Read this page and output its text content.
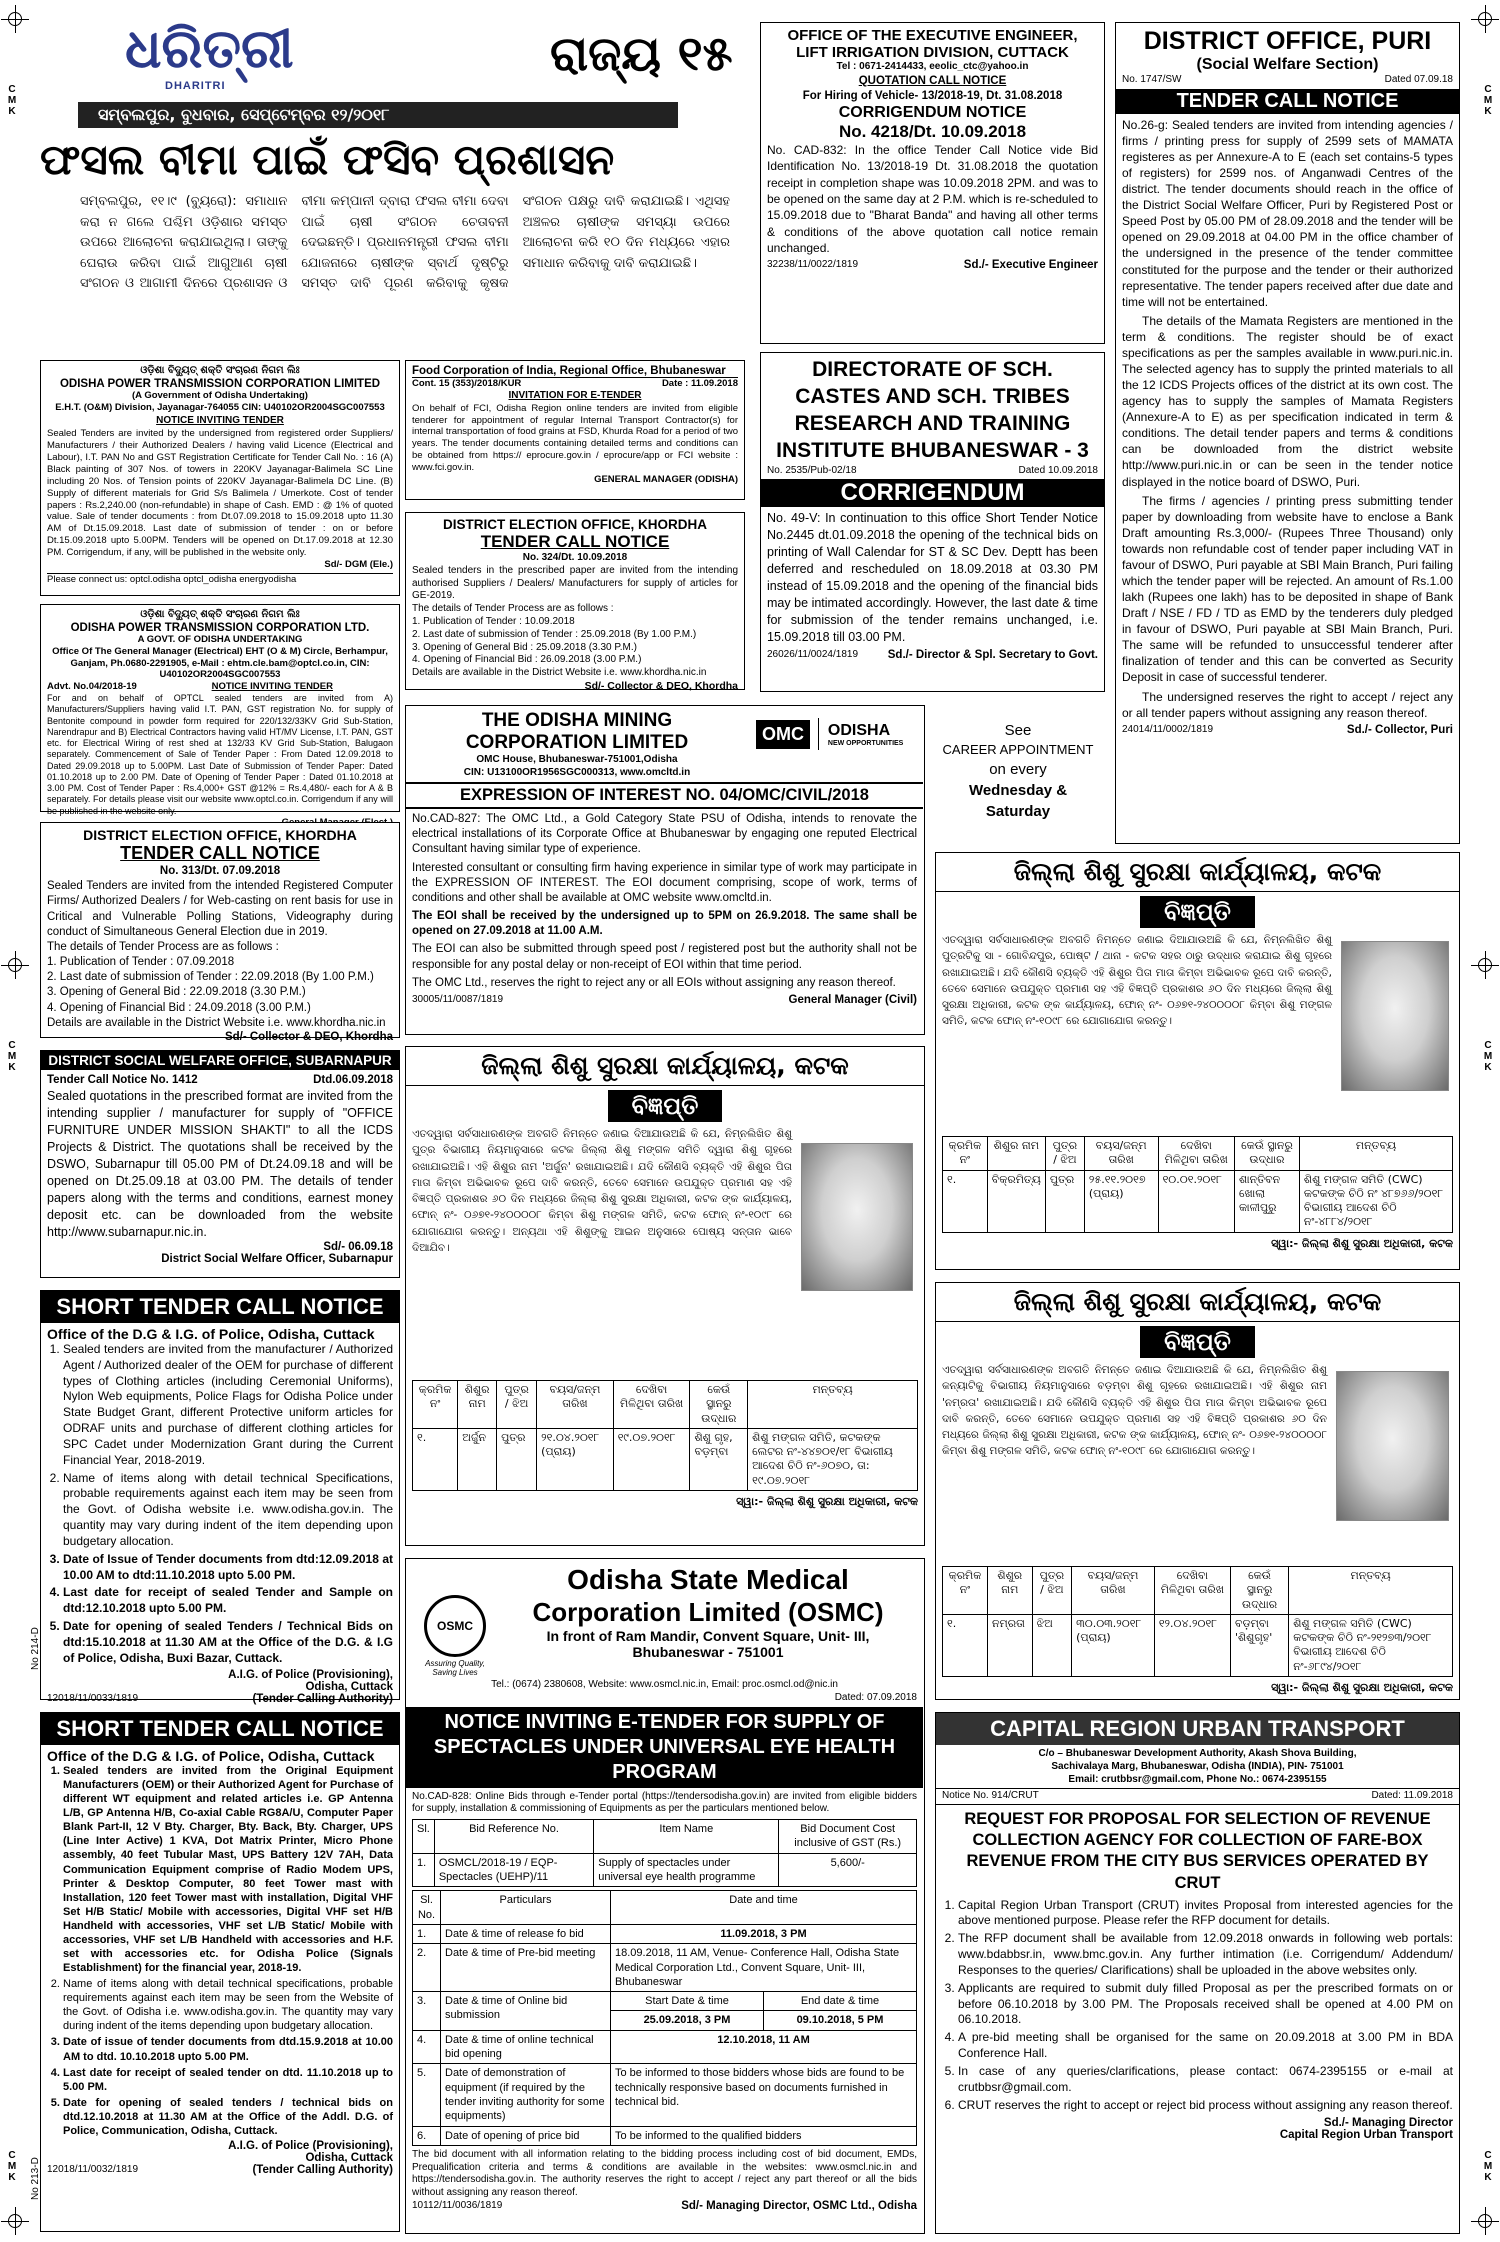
C M K
C M K
C M K
C M K
C M K
C M K
ଧରିତ୍ରୀ
DHARITRI
ରାଜ୍ୟ ୧୫
ସମ୍ବଲପୁର, ବୁଧବାର, ସେପ୍ଟେମ୍ବର ୧୨/୨୦୧୮
ଫସଲ ବୀମା ପାଇଁ ଫସିବ ପ୍ରଶାସନ
ସମ୍ବଲପୁର, ୧୧।୯ (ବ୍ୟୁରୋ): ସମାଧାନ କରା ନ ଗଲେ ପଶ୍ଚିମ ଓଡ଼ିଶାର ସମସ୍ତ ଉପରେ ଆଲୋଚନା କରାଯାଇଥିଲା। ତାଙ୍କୁ ଘେରାଉ କରିବା ପାଇଁ ଆଗୁଆଣ ଚାଷୀ ସଂଗଠନ ଓ ଆଗାମୀ ଦିନରେ ପ୍ରଶାସନ ଓ ବୀମା କମ୍ପାନୀ ଦ୍ବାରା ଫସଲ ବୀମା ଦେବା ପାଇଁ ଚାଷୀ ସଂଗଠନ ଚେତାବନୀ ଦେଇଛନ୍ତି। ପ୍ରଧାନମନ୍ତ୍ରୀ ଫସଲ ବୀମା ଯୋଜନାରେ ଚାଷୀଙ୍କ ସ୍ବାର୍ଥ ଦୃଷ୍ଟିରୁ ସମସ୍ତ ଦାବି ପୂରଣ କରିବାକୁ କୃଷକ ସଂଗଠନ ପକ୍ଷରୁ ଦାବି କରାଯାଇଛି। ଏଥିସହ ଅଞ୍ଚଳର ଚାଷୀଙ୍କ ସମସ୍ୟା ଉପରେ ଆଲୋଚନା କରି ୧୦ ଦିନ ମଧ୍ୟରେ ଏହାର ସମାଧାନ କରିବାକୁ ଦାବି କରାଯାଇଛି।
ଓଡ଼ିଶା ବିଦ୍ୟୁତ୍ ଶକ୍ତି ସଂଚାରଣ ନିଗମ ଲିଃ
ODISHA POWER TRANSMISSION CORPORATION LIMITED
(A Government of Odisha Undertaking)
E.H.T. (O&M) Division, Jayanagar-764055 CIN: U40102OR2004SGC007553
NOTICE INVITING TENDER
Sealed Tenders are invited by the undersigned from registered order Suppliers/ Manufacturers / their Authorized Dealers / having valid Licence (Electrical and Labour), I.T. PAN No and GST Registration Certificate for Tender Call No. : 16 (A) Black painting of 307 Nos. of towers in 220KV Jayanagar-Balimela SC Line including 20 Nos. of Tension points of 220KV Jayanagar-Balimela DC Line. (B) Supply of different materials for Grid S/s Balimela / Umerkote. Cost of tender papers : Rs.2,240.00 (non-refundable) in shape of Cash. EMD : @ 1% of quoted value. Sale of tender documents : from Dt.07.09.2018 to 15.09.2018 upto 11.30 AM of Dt.15.09.2018. Last date of submission of tender : on or before Dt.15.09.2018 upto 5.00PM. Tenders will be opened on Dt.17.09.2018 at 12.30 PM. Corrigendum, if any, will be published in the website only.
Sd/- DGM (Ele.)
Please connect us: optcl.odisha optcl_odisha energyodisha
ଓଡ଼ିଶା ବିଦ୍ୟୁତ୍ ଶକ୍ତି ସଂଚାରଣ ନିଗମ ଲିଃ
ODISHA POWER TRANSMISSION CORPORATION LTD.
A GOVT. OF ODISHA UNDERTAKING
Office Of The General Manager (Electrical) EHT (O & M) Circle, Berhampur, Ganjam, Ph.0680-2291905, e-Mail : ehtm.cle.bam@optcl.co.in, CIN: U40102OR2004SGC007553
Advt. No.04/2018-19	NOTICE INVITING TENDER
For and on behalf of OPTCL sealed tenders are invited from A) Manufacturers/Suppliers having valid I.T. PAN, GST registration No. for supply of Bentonite compound in powder form required for 220/132/33KV Grid Sub-Station, Narendrapur and B) Electrical Contractors having valid HT/MV License, I.T. PAN, GST etc. for Electrical Wiring of rest shed at 132/33 KV Grid Sub-Station, Balugaon separately. Commencement of Sale of Tender Paper : From Dated 12.09.2018 to Dated 29.09.2018 up to 5.00PM. Last Date of Submission of Tender Paper: Dated 01.10.2018 up to 2.00 PM. Date of Opening of Tender Paper : Dated 01.10.2018 at 3.00 PM. Cost of Tender Paper : Rs.4,000+ GST @12% = Rs.4,480/- each for A & B separately. For details please visit our website www.optcl.co.in. Corrigendum if any will be published in the website only.
DISTRICT ELECTION OFFICE, KHORDHA
TENDER CALL NOTICE
No. 313/Dt. 07.09.2018
Sealed Tenders are invited from the intended Registered Computer Firms/ Authorized Dealers / for Web-casting on rent basis for use in Critical and Vulnerable Polling Stations, Videography during conduct of Simultaneous General Election due in 2019.
The details of Tender Process are as follows :
1. Publication of Tender : 07.09.2018
2. Last date of submission of Tender : 22.09.2018 (By 1.00 P.M.)
3. Opening of General Bid : 22.09.2018 (3.30 P.M.)
4. Opening of Financial Bid : 24.09.2018 (3.00 P.M.)
Details are available in the District Website i.e. www.khordha.nic.in
Sd/- Collector & DEO, Khordha
DISTRICT SOCIAL WELFARE OFFICE, SUBARNAPUR
Tender Call Notice No. 1412	Dtd.06.09.2018
Sealed quotations in the prescribed format are invited from the intending supplier / manufacturer for supply of "OFFICE FURNITURE UNDER MISSION SHAKTI" to all the ICDS Projects & District. The quotations shall be received by the DSWO, Subarnapur till 05.00 PM of Dt.24.09.18 and will be opened on Dt.25.09.18 at 03.00 PM. The details of tender papers along with the terms and conditions, earnest money deposit etc. can be downloaded from the website http://www.subarnapur.nic.in.
Sd/- 06.09.18
District Social Welfare Officer, Subarnapur
SHORT TENDER CALL NOTICE
Office of the D.G & I.G. of Police, Odisha, Cuttack
1. Sealed tenders are invited from the manufacturer / Authorized Agent / Authorized dealer of the OEM for purchase of different types of Clothing articles (including Ceremonial Uniforms), Nylon Web equipments, Police Flags for Odisha Police under State Budget Grant, different Protective uniform articles for ODRAF units and purchase of different clothing articles for SPC Cadet under Modernization Grant during the Current Financial Year, 2018-2019.
2. Name of items along with detail technical Specifications, probable requirements against each item may be seen from the Govt. of Odisha website i.e. www.odisha.gov.in. The quantity may vary during indent of the item depending upon budgetary allocation.
3. Date of Issue of Tender documents from dtd:12.09.2018 at 10.00 AM to dtd:11.10.2018 upto 5.00 PM.
4. Last date for receipt of sealed Tender and Sample on dtd:12.10.2018 upto 5.00 PM.
5. Date for opening of sealed Tenders / Technical Bids on dtd:15.10.2018 at 11.30 AM at the Office of the D.G. & I.G of Police, Odisha, Buxi Bazar, Cuttack.
A.I.G. of Police (Provisioning),
Odisha, Cuttack
12018/11/0033/1819	(Tender Calling Authority)
No 214-D
SHORT TENDER CALL NOTICE
Office of the D.G & I.G. of Police, Odisha, Cuttack
1. Sealed tenders are invited from the Original Equipment Manufacturers (OEM) or their Authorized Agent for Purchase of different WT equipment and related articles i.e. GP Antenna L/B, GP Antenna H/B, Co-axial Cable RG8A/U, Computer Paper Blank Part-II, 12 V Bty. Charger, Bty. Back, Bty. Charger, UPS (Line Inter Active) 1 KVA, Dot Matrix Printer, Micro Phone assembly, 40 feet Tubular Mast, UPS Battery 12V 7AH, Data Communication Equipment comprise of Radio Modem UPS, Printer & Desktop Computer, 80 feet Tower mast with Installation, 120 feet Tower mast with installation, Digital VHF Set H/B Static/ Mobile with accessories, Digital VHF set H/B Handheld with accessories, VHF set L/B Static/ Mobile with accessories, VHF set L/B Handheld with accessories and H.F. set with accessories etc. for Odisha Police (Signals Establishment) for the financial year, 2018-19.
2. Name of items along with detail technical specifications, probable requirements against each item may be seen from the Website of the Govt. of Odisha i.e. www.odisha.gov.in. The quantity may vary during indent of the items depending upon budgetary allocation.
3. Date of issue of tender documents from dtd.15.9.2018 at 10.00 AM to dtd. 10.10.2018 upto 5.00 PM.
4. Last date for receipt of sealed tender on dtd. 11.10.2018 up to 5.00 PM.
5. Date for opening of sealed tenders / technical bids on dtd.12.10.2018 at 11.30 AM at the Office of the Addl. D.G. of Police, Communication, Odisha, Cuttack.
A.I.G. of Police (Provisioning),
Odisha, Cuttack
12018/11/0032/1819	(Tender Calling Authority)
No 213-D
Food Corporation of India, Regional Office, Bhubaneswar
Cont. 15 (353)/2018/KUR	Date : 11.09.2018
INVITATION FOR E-TENDER
On behalf of FCI, Odisha Region online tenders are invited from eligible tenderer for appointment of regular Internal Transport Contractor(s) for internal transportation of food grains at FSD, Khurda Road for a period of two years. The tender documents containing detailed terms and conditions can be obtained from https:// eprocure.gov.in / eprocure/app or FCI website : www.fci.gov.in.
GENERAL MANAGER (ODISHA)
DISTRICT ELECTION OFFICE, KHORDHA
TENDER CALL NOTICE
No. 324/Dt. 10.09.2018
Sealed tenders in the prescribed paper are invited from the intending authorised Suppliers / Dealers/ Manufacturers for supply of articles for GE-2019.
The details of Tender Process are as follows :
1. Publication of Tender : 10.09.2018
2. Last date of submission of Tender : 25.09.2018 (By 1.00 P.M.)
3. Opening of General Bid : 25.09.2018 (3.30 P.M.)
4. Opening of Financial Bid : 26.09.2018 (3.00 P.M.)
Details are available in the District Website i.e. www.khordha.nic.in
Sd/- Collector & DEO, Khordha
OFFICE OF THE EXECUTIVE ENGINEER,
LIFT IRRIGATION DIVISION, CUTTACK
Tel : 0671-2414433, eeolic_ctc@yahoo.in
QUOTATION CALL NOTICE
For Hiring of Vehicle- 13/2018-19, Dt. 31.08.2018
CORRIGENDUM NOTICE
No. 4218/Dt. 10.09.2018
No. CAD-832: In the office Tender Call Notice vide Bid Identification No. 13/2018-19 Dt. 31.08.2018 the quotation receipt in completion shape was 10.09.2018 2PM. and was to be opened on the same day at 2 P.M. which is re-scheduled to 15.09.2018 due to "Bharat Banda" and having all other terms & conditions of the above quotation call notice remain unchanged.
32238/11/0022/1819	Sd./- Executive Engineer
DIRECTORATE OF SCH. CASTES AND SCH. TRIBES RESEARCH AND TRAINING INSTITUTE BHUBANESWAR - 3
No. 2535/Pub-02/18	Dated 10.09.2018
CORRIGENDUM
No. 49-V: In continuation to this office Short Tender Notice No.2445 dt.01.09.2018 the opening of the technical bids on printing of Wall Calendar for ST & SC Dev. Deptt has been deferred and rescheduled on 18.09.2018 at 03.30 PM instead of 15.09.2018 and the opening of the financial bids may be intimated accordingly. However, the last date & time for submission of the tender remains unchanged, i.e. 15.09.2018 till 03.00 PM.
26026/11/0024/1819	Sd./- Director & Spl. Secretary to Govt.
THE ODISHA MINING
CORPORATION LIMITED
OMC House, Bhubaneswar-751001,Odisha
CIN: U13100OR1956SGC000313, www.omcltd.in
OMC ODISHA
NEW OPPORTUNITIES
EXPRESSION OF INTEREST NO. 04/OMC/CIVIL/2018

No.CAD-827: The OMC Ltd., a Gold Category State PSU of Odisha, intends to renovate the electrical installations of its Corporate Office at Bhubaneswar by engaging one reputed Electrical Consultant having similar type of experience.

Interested consultant or consulting firm having experience in similar type of work may participate in the EXPRESSION OF INTEREST. The EOI document comprising, scope of work, terms of conditions and other shall be available at OMC website www.omcltd.in.

The EOI shall be received by the undersigned up to 5PM on 26.9.2018. The same shall be opened on 27.09.2018 at 11.00 A.M.

The EOI can also be submitted through speed post / registered post but the authority shall not be responsible for any postal delay or non-receipt of EOI within that time period.

The OMC Ltd., reserves the right to reject any or all EOIs without assigning any reason thereof.

30005/11/0087/1819	General Manager (Civil)
See
CAREER APPOINTMENT
on every
Wednesday &
Saturday
ଜିଲ୍ଲା ଶିଶୁ ସୁରକ୍ଷା କାର୍ଯ୍ୟାଳୟ, କଟକ
ବିଜ୍ଞପ୍ତି
ଏତଦ୍ୱାରା ସର୍ବସାଧାରଣଙ୍କ ଅବଗତି ନିମନ୍ତେ ଜଣାଇ ଦିଆଯାଉଅଛି କି ଯେ, ନିମ୍ନଲିଖିତ ଶିଶୁ ପୁତ୍ର ବିଭାଗୀୟ ନିୟମାନୁସାରେ କଟକ ଜିଲ୍ଲା ଶିଶୁ ମଙ୍ଗଳ ସମିତି ଦ୍ୱାରା ଶିଶୁ ଗୃହରେ ରଖାଯାଇଅଛି। ଏହି ଶିଶୁର ନାମ 'ଅର୍ଜୁନ' ରଖାଯାଇଅଛି। ଯଦି କୌଣସି ବ୍ୟକ୍ତି ଏହି ଶିଶୁର ପିତା ମାତା କିମ୍ବା ଅଭିଭାବକ ରୂପେ ଦାବି କରନ୍ତି, ତେବେ ସେମାନେ ଉପଯୁକ୍ତ ପ୍ରମାଣ ସହ ଏହି ବିଜ୍ଞପ୍ତି ପ୍ରକାଶର ୬୦ ଦିନ ମଧ୍ୟରେ ଜିଲ୍ଲା ଶିଶୁ ସୁରକ୍ଷା ଅଧିକାରୀ, କଟକ ଙ୍କ କାର୍ଯ୍ୟାଳୟ, ଫୋନ୍ ନଂ- ୦୬୭୧-୨୪୦୦୦୦୮ କିମ୍ବା ଶିଶୁ ମଙ୍ଗଳ ସମିତି, କଟକ ଫୋନ୍ ନଂ-୧୦୯୮ ରେ ଯୋଗାଯୋଗ କରନ୍ତୁ। ଅନ୍ୟଥା ଏହି ଶିଶୁଙ୍କୁ ଆଇନ ଅନୁସାରେ ପୋଷ୍ୟ ସନ୍ତାନ ଭାବେ ଦିଆଯିବ।
କ୍ରମିକ ନଂ	ଶିଶୁର ନାମ	ପୁତ୍ର / ଝିଅ	ବୟସ/ଜନ୍ମ ତାରିଖ	ଦେଖିବା ମିଳିଥିବା ତାରିଖ	କେଉଁ ସ୍ଥାନରୁ ଉଦ୍ଧାର	ମନ୍ତବ୍ୟ
୧.	ଅର୍ଜୁନ	ପୁତ୍ର	୨୧.୦୪.୨୦୧୮ (ପ୍ରାୟ)	୧୯.୦୭.୨୦୧୮	ଶିଶୁ ଗୃହ, ବଡ଼ମ୍ବା	ଶିଶୁ ମଙ୍ଗଳ ସମିତି, କଟକଙ୍କ ଲେଟର ନଂ-୪୪୭୦୧/୧୮ ବିଭାଗୀୟ ଆଦେଶ ଚିଠି ନଂ-୬୦୭୦, ତା: ୧୯.୦୭.୨୦୧୮
ସ୍ୱା:- ଜିଲ୍ଲା ଶିଶୁ ସୁରକ୍ଷା ଅଧିକାରୀ, କଟକ
OSMC
Assuring Quality, Saving Lives
Odisha State Medical
Corporation Limited (OSMC)
In front of Ram Mandir, Convent Square, Unit- III,
Bhubaneswar - 751001
Tel.: (0674) 2380608, Website: www.osmcl.nic.in, Email: proc.osmcl.od@nic.in
Dated: 07.09.2018
NOTICE INVITING E-TENDER FOR SUPPLY OF SPECTACLES UNDER UNIVERSAL EYE HEALTH PROGRAM
No.CAD-828: Online Bids through e-Tender portal (https://tendersodisha.gov.in) are invited from eligible bidders for supply, installation & commissioning of Equipments as per the particulars mentioned below.
Sl.	Bid Reference No.	Item Name	Bid Document Cost inclusive of GST (Rs.)
1.	OSMCL/2018-19 / EQP-Spectacles (UEHP)/11	Supply of spectacles under universal eye health programme	5,600/-
Sl. No.	Particulars	Date and time	
1.	Date & time of release fo bid	11.09.2018, 3 PM	
2.	Date & time of Pre-bid meeting	18.09.2018, 11 AM, Venue- Conference Hall, Odisha State Medical Corporation Ltd., Convent Square, Unit- III, Bhubaneswar	
3.	Date & time of Online bid submission	Start Date & time	End date & time
		25.09.2018, 3 PM	09.10.2018, 5 PM
4.	Date & time of online technical bid opening	12.10.2018, 11 AM	
5.	Date of demonstration of equipment (if required by the tender inviting authority for some equipments)	To be informed to those bidders whose bids are found to be technically responsive based on documents furnished in technical bid.	
6.	Date of opening of price bid	To be informed to the qualified bidders	
The bid document with all information relating to the bidding process including cost of bid document, EMDs, Prequalification criteria and terms & conditions are available in the websites: www.osmcl.nic.in and https://tendersodisha.gov.in. The authority reserves the right to accept / reject any part thereof or all the bids without assigning any reason thereof.
10112/11/0036/1819	Sd/- Managing Director, OSMC Ltd., Odisha
DISTRICT OFFICE, PURI
(Social Welfare Section)
No. 1747/SW	Dated 07.09.18
TENDER CALL NOTICE

No.26-g: Sealed tenders are invited from intending agencies / firms / printing press for supply of 2599 sets of MAMATA registeres as per Annexure-A to E (each set contains-5 types of registers) for 2599 nos. of Anganwadi Centres of the district. The tender documents should reach in the office of the District Social Welfare Officer, Puri by Registered Post or Speed Post by 05.00 PM of 28.09.2018 and the tender will be opened on 29.09.2018 at 04.00 PM in the office chamber of the undersigned in the presence of the tender committee constituted for the purpose and the tender or their authorized representative. The tender papers received after due date and time will not be entertained.

The details of the Mamata Registers are mentioned in the term & conditions. The register should be of exact specifications as per the samples available in www.puri.nic.in. The selected agency has to supply the printed materials to all the 12 ICDS Projects offices of the district at its own cost. The agency has to supply the samples of Mamata Registers (Annexure-A to E) as per specification indicated in term & conditions. The detail tender papers and terms & conditions can be downloaded from the district website http://www.puri.nic.in or can be seen in the tender notice displayed in the notice board of DSWO, Puri.

The firms / agencies / printing press submitting tender paper by downloading from website have to enclose a Bank Draft amounting Rs.3,000/- (Rupees Three Thousand) only towards non refundable cost of tender paper including VAT in favour of DSWO, Puri payable at SBI Main Branch, Puri failing which the tender paper will be rejected. An amount of Rs.1.00 lakh (Rupees one lakh) has to be deposited in shape of Bank Draft / NSE / FD / TD as EMD by the tenderers duly pledged in favour of DSWO, Puri payable at SBI Main Branch, Puri. The same will be refunded to unsuccessful tenderer after finalization of tender and this can be converted as Security Deposit in case of successful tenderer.

The undersigned reserves the right to accept / reject any or all tender papers without assigning any reason thereof.

24014/11/0002/1819	Sd./- Collector, Puri
ଜିଲ୍ଲା ଶିଶୁ ସୁରକ୍ଷା କାର୍ଯ୍ୟାଳୟ, କଟକ
ବିଜ୍ଞପ୍ତି
ଏତଦ୍ୱାରା ସର୍ବସାଧାରଣଙ୍କ ଅବଗତି ନିମନ୍ତେ ଜଣାଇ ଦିଆଯାଉଅଛି କି ଯେ, ନିମ୍ନଲିଖିତ ଶିଶୁ ପୁତ୍ରଟିକୁ ସା - ଗୋବିନ୍ଦପୁର, ପୋଷ୍ଟ / ଥାନା - କଟକ ସହର ଠାରୁ ଉଦ୍ଧାର କରାଯାଇ ଶିଶୁ ଗୃହରେ ରଖାଯାଇଅଛି। ଯଦି କୌଣସି ବ୍ୟକ୍ତି ଏହି ଶିଶୁର ପିତା ମାତା କିମ୍ବା ଅଭିଭାବକ ରୂପେ ଦାବି କରନ୍ତି, ତେବେ ସେମାନେ ଉପଯୁକ୍ତ ପ୍ରମାଣ ସହ ଏହି ବିଜ୍ଞପ୍ତି ପ୍ରକାଶର ୬୦ ଦିନ ମଧ୍ୟରେ ଜିଲ୍ଲା ଶିଶୁ ସୁରକ୍ଷା ଅଧିକାରୀ, କଟକ ଙ୍କ କାର୍ଯ୍ୟାଳୟ, ଫୋନ୍ ନଂ- ୦୬୭୧-୨୪୦୦୦୦୮ କିମ୍ବା ଶିଶୁ ମଙ୍ଗଳ ସମିତି, କଟକ ଫୋନ୍ ନଂ-୧୦୯୮ ରେ ଯୋଗାଯୋଗ କରନ୍ତୁ।
କ୍ରମିକ ନଂ	ଶିଶୁର ନାମ	ପୁତ୍ର / ଝିଅ	ବୟସ/ଜନ୍ମ ତାରିଖ	ଦେଖିବା ମିଳିଥିବା ତାରିଖ	କେଉଁ ସ୍ଥାନରୁ ଉଦ୍ଧାର	ମନ୍ତବ୍ୟ
୧.	ବିକ୍ରମିତ୍ୟ	ପୁତ୍ର	୨୫.୧୧.୨୦୧୭ (ପ୍ରାୟ)	୧୦.୦୧.୨୦୧୮	ଶାନ୍ତିବନ ଖୋଲା କାଳୀପୁରୁ	ଶିଶୁ ମଙ୍ଗଳ ସମିତି (CWC) କଟକଙ୍କ ଚିଠି ନଂ ୪୮୭୬୬/୨୦୧୮ ବିଭାଗୀୟ ଆଦେଶ ଚିଠି ନଂ-୪୮୮୪/୨୦୧୮
ସ୍ୱା:- ଜିଲ୍ଲା ଶିଶୁ ସୁରକ୍ଷା ଅଧିକାରୀ, କଟକ
ଜିଲ୍ଲା ଶିଶୁ ସୁରକ୍ଷା କାର୍ଯ୍ୟାଳୟ, କଟକ
ବିଜ୍ଞପ୍ତି
ଏତଦ୍ୱାରା ସର୍ବସାଧାରଣଙ୍କ ଅବଗତି ନିମନ୍ତେ ଜଣାଇ ଦିଆଯାଉଅଛି କି ଯେ, ନିମ୍ନଲିଖିତ ଶିଶୁ କନ୍ୟାଟିକୁ ବିଭାଗୀୟ ନିୟମାନୁସାରେ ବଡ଼ମ୍ବା ଶିଶୁ ଗୃହରେ ରଖାଯାଇଅଛି। ଏହି ଶିଶୁର ନାମ 'ନମ୍ରତା' ରଖାଯାଇଅଛି। ଯଦି କୌଣସି ବ୍ୟକ୍ତି ଏହି ଶିଶୁର ପିତା ମାତା କିମ୍ବା ଅଭିଭାବକ ରୂପେ ଦାବି କରନ୍ତି, ତେବେ ସେମାନେ ଉପଯୁକ୍ତ ପ୍ରମାଣ ସହ ଏହି ବିଜ୍ଞପ୍ତି ପ୍ରକାଶର ୬୦ ଦିନ ମଧ୍ୟରେ ଜିଲ୍ଲା ଶିଶୁ ସୁରକ୍ଷା ଅଧିକାରୀ, କଟକ ଙ୍କ କାର୍ଯ୍ୟାଳୟ, ଫୋନ୍ ନଂ- ୦୬୭୧-୨୪୦୦୦୦୮ କିମ୍ବା ଶିଶୁ ମଙ୍ଗଳ ସମିତି, କଟକ ଫୋନ୍ ନଂ-୧୦୯୮ ରେ ଯୋଗାଯୋଗ କରନ୍ତୁ।
କ୍ରମିକ ନଂ	ଶିଶୁର ନାମ	ପୁତ୍ର / ଝିଅ	ବୟସ/ଜନ୍ମ ତାରିଖ	ଦେଖିବା ମିଳିଥିବା ତାରିଖ	କେଉଁ ସ୍ଥାନରୁ ଉଦ୍ଧାର	ମନ୍ତବ୍ୟ
୧.	ନମ୍ରତା	ଝିଅ	୩୦.୦୩.୨୦୧୮ (ପ୍ରାୟ)	୧୨.୦୪.୨୦୧୮	ବଡ଼ମ୍ବା 'ଶିଶୁଗୃହ'	ଶିଶୁ ମଙ୍ଗଳ ସମିତି (CWC) କଟକଙ୍କ ଚିଠି ନଂ-୨୧୨୭୩/୨୦୧୮ ବିଭାଗୀୟ ଆଦେଶ ଚିଠି ନଂ-୬୮୯୪/୨୦୧୮
ସ୍ୱା:- ଜିଲ୍ଲା ଶିଶୁ ସୁରକ୍ଷା ଅଧିକାରୀ, କଟକ
CAPITAL REGION URBAN TRANSPORT
C/o – Bhubaneswar Development Authority, Akash Shova Building,
Sachivalaya Marg, Bhubaneswar, Odisha (INDIA), PIN- 751001
Email: crutbbsr@gmail.com, Phone No.: 0674-2395155
Notice No. 914/CRUT	Dated: 11.09.2018
REQUEST FOR PROPOSAL FOR SELECTION OF REVENUE COLLECTION AGENCY FOR COLLECTION OF FARE-BOX REVENUE FROM THE CITY BUS SERVICES OPERATED BY CRUT
1. Capital Region Urban Transport (CRUT) invites Proposal from interested agencies for the above mentioned purpose. Please refer the RFP document for details.
2. The RFP document shall be available from 12.09.2018 onwards in following web portals: www.bdabbsr.in, www.bmc.gov.in. Any further intimation (i.e. Corrigendum/ Addendum/ Responses to the queries/ Clarifications) shall be uploaded in the above websites only.
3. Applicants are required to submit duly filled Proposal as per the prescribed formats on or before 06.10.2018 by 3.00 PM. The Proposals received shall be opened at 4.00 PM on 06.10.2018.
4. A pre-bid meeting shall be organised for the same on 20.09.2018 at 3.00 PM in BDA Conference Hall.
5. In case of any queries/clarifications, please contact: 0674-2395155 or e-mail at crutbbsr@gmail.com.
6. CRUT reserves the right to accept or reject bid process without assigning any reason thereof.
Sd./- Managing Director
Capital Region Urban Transport
